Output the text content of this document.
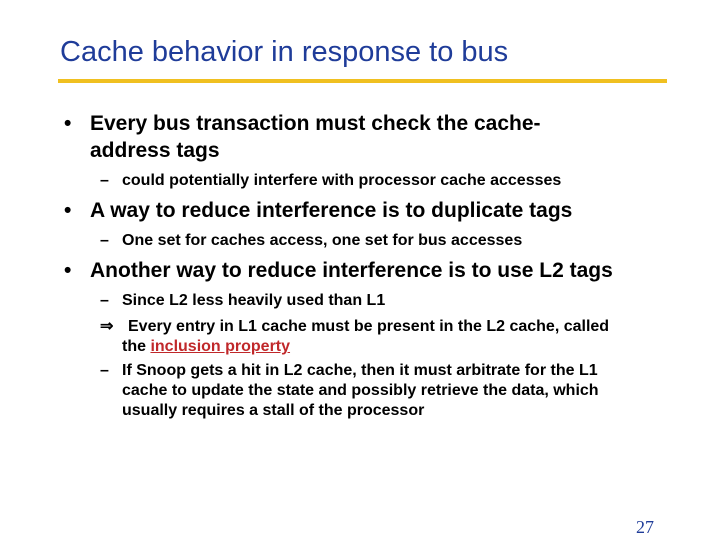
Cache behavior in response to bus
• Every bus transaction must check the cache-
address tags
– could potentially interfere with processor cache accesses
• A way to reduce interference is to duplicate tags
– One set for caches access, one set for bus accesses
• Another way to reduce interference is to use L2 tags
– Since L2 less heavily used than L1
⇒ Every entry in L1 cache must be present in the L2 cache, called
the inclusion property
– If Snoop gets a hit in L2 cache, then it must arbitrate for the L1
cache to update the state and possibly retrieve the data, which
usually requires a stall of the processor
27
